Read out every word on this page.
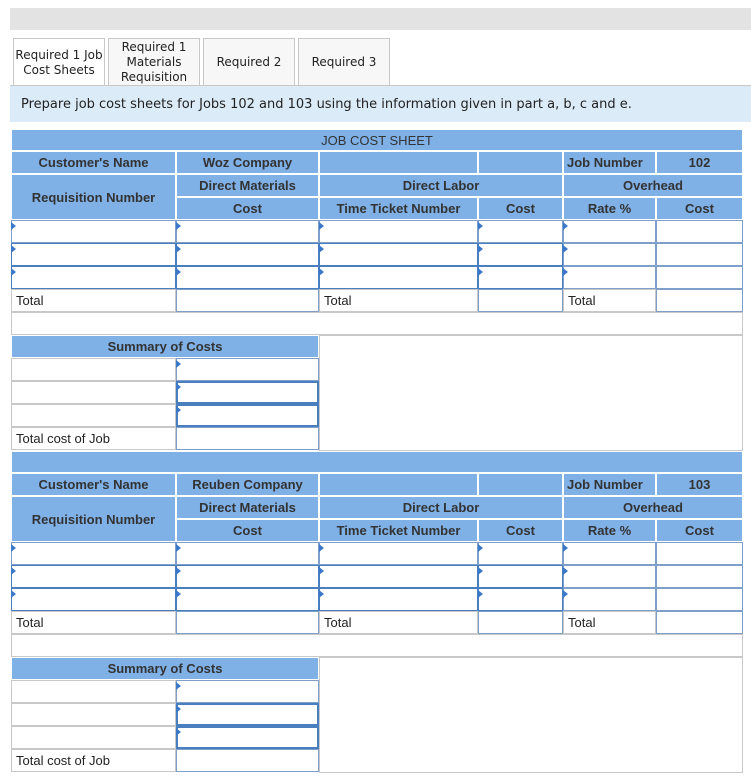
Required 1 Job
Cost Sheets
Required 1
Materials
Requisition
Required 2	Required 3
Prepare job cost sheets for Jobs 102 and 103 using the information given in part a, b, c and e.
JOB COST SHEET
Customer's Name	Woz Company	Job Number	102
Requisition Number
Direct Materials	Direct Labor	Overhead
Cost	Time Ticket Number	Cost	Rate %	Cost
Total	Total	Total
Summary of Costs
Total cost of Job
Customer's Name	Reuben Company	Job Number	103
Requisition Number
Direct Materials	Direct Labor	Overhead
Cost	Time Ticket Number	Cost	Rate %	Cost
Total	Total	Total
Summary of Costs
Total cost of Job
